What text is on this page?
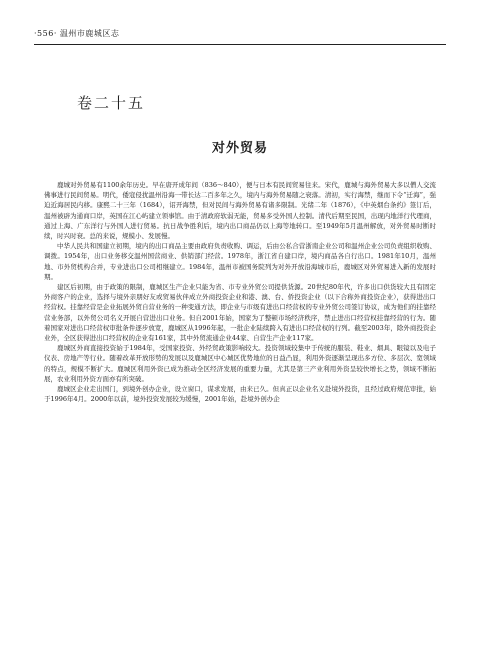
·556· 温州市鹿城区志
卷二十五
对外贸易

鹿城对外贸易有1100余年历史。早在唐开成年间（836～840），便与日本有民间贸易往来。宋代，鹿城与海外贸易大多以僧人交流佛事进行民间贸易。明代，倭寇侵扰温州沿海一带长达二百多年之久，境内与海外贸易随之衰落。清初，实行海禁，继而下令“迁海”，强迫近海居民内移。康熙二十三年（1684），诏开海禁，但对民间与海外贸易有诸多限制。光绪二年（1876），《中英烟台条约》签订后，温州被辟为通商口岸，英国在江心屿建立领事馆。由于清政府软弱无能，贸易多受外国人控制。清代后期至民国，出现内地洋行代理商，通过上海、广东洋行与外国人进行贸易。抗日战争胜利后，境内出口商品仍以上海等地转口。至1949年5月温州解放，对外贸易时断时续，时兴时衰。总的来说，规模小、发展慢。

中华人民共和国建立初期，境内的出口商品主要由政府负责收购、调运，后由公私合营浙南企业公司和温州企业公司负责组织收购、调拨。1954年，出口业务移交温州国营商业、供销部门经营。1978年，浙江省自建口岸，境内商品各自行出口。1981年10月，温州地、市外贸机构合并，专业进出口公司相继建立。1984年，温州市被国务院列为对外开放沿海城市后，鹿城区对外贸易进入新的发展时期。

建区后初期，由于政策的限制，鹿城区生产企业只能为省、市专业外贸公司提供货源。20世纪80年代，许多出口供货较大且有固定外商客户的企业，选择与境外亲朋好友或贸易伙伴成立外商投资企业和港、澳、台、侨投资企业（以下合称外商投资企业），获得进出口经营权。挂靠经营是企业拓展外贸自营业务的一种变通方法，即企业与市级有进出口经营权的专业外贸公司签订协议，成为他们的挂靠经营业务部，以外贸公司名义开展自营进出口业务。但自2001年始，国家为了整顿市场经济秩序，禁止进出口经营权挂靠经营的行为。随着国家对进出口经营权审批条件逐步放宽，鹿城区从1996年起，一批企业陆续跨入有进出口经营权的行列。截至2003年，除外商投资企业外，全区获得进出口经营权的企业有161家，其中外贸流通企业44家、自营生产企业117家。

鹿城区外商直接投资始于1984年，受国家投资、外经贸政策影响较大。投资领域较集中于传统的服装、鞋业、烟具、眼镜以及电子仪表、房地产等行业。随着改革开放形势的发展以及鹿城区中心城区优势地位的日益凸显，利用外资逐渐呈现出多方位、多层次、宽领域的特点，规模不断扩大。鹿城区利用外资已成为推动全区经济发展的重要力量，尤其是第三产业利用外资呈较快增长之势，领域不断拓展，农业利用外资方面亦有所突破。

鹿城区企业走出国门，到境外创办企业，设立窗口，谋求发展，由来已久。但真正以企业名义赴境外投资，且经过政府规范审批，始于1996年4月。2000年以前，境外投资发展较为缓慢，2001年始，赴境外创办企
